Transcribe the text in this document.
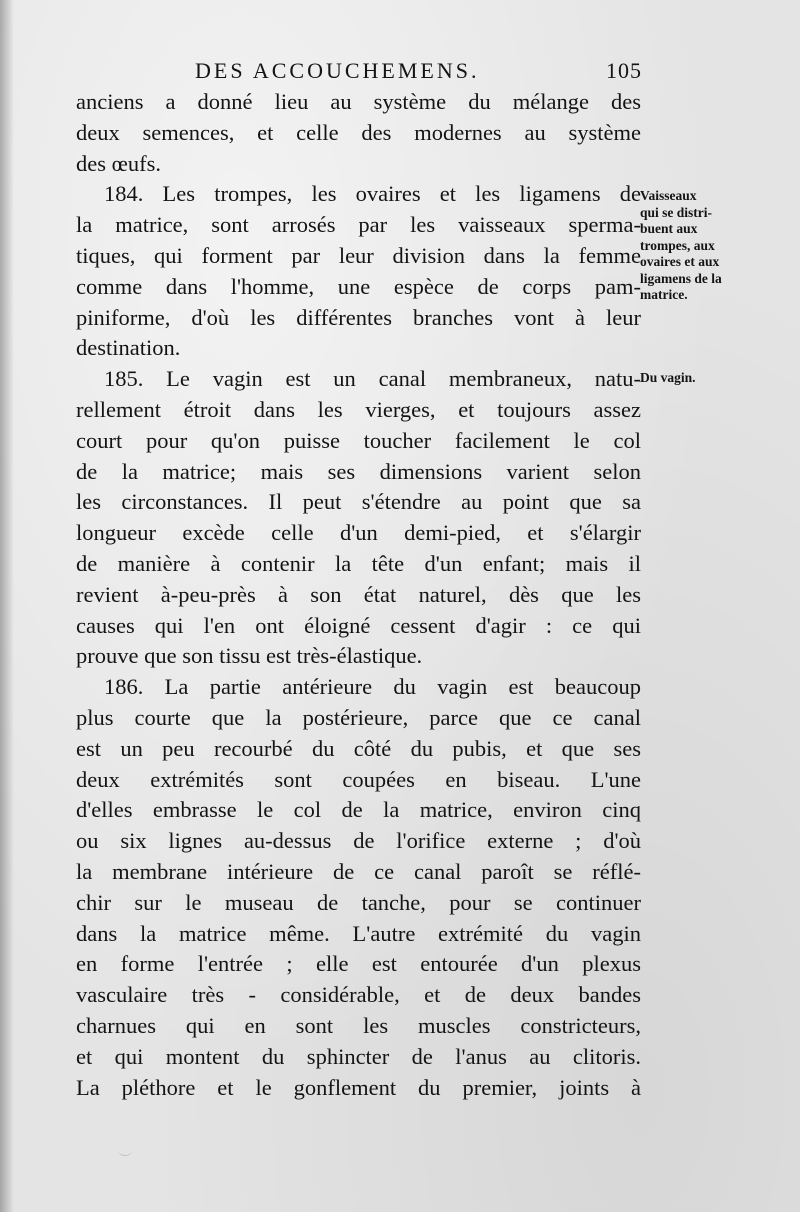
DES ACCOUCHEMENS.	105
anciens a donné lieu au système du mélange des
deux semences, et celle des modernes au système
des œufs.
184. Les trompes, les ovaires et les ligamens de
la matrice, sont arrosés par les vaisseaux sperma-
tiques, qui forment par leur division dans la femme
comme dans l'homme, une espèce de corps pam-
piniforme, d'où les différentes branches vont à leur
destination.
185. Le vagin est un canal membraneux, natu-
rellement étroit dans les vierges, et toujours assez
court pour qu'on puisse toucher facilement le col
de la matrice; mais ses dimensions varient selon
les circonstances. Il peut s'étendre au point que sa
longueur excède celle d'un demi-pied, et s'élargir
de manière à contenir la tête d'un enfant; mais il
revient à-peu-près à son état naturel, dès que les
causes qui l'en ont éloigné cessent d'agir : ce qui
prouve que son tissu est très-élastique.
186. La partie antérieure du vagin est beaucoup
plus courte que la postérieure, parce que ce canal
est un peu recourbé du côté du pubis, et que ses
deux extrémités sont coupées en biseau. L'une
d'elles embrasse le col de la matrice, environ cinq
ou six lignes au-dessus de l'orifice externe ; d'où
la membrane intérieure de ce canal paroît se réflé-
chir sur le museau de tanche, pour se continuer
dans la matrice même. L'autre extrémité du vagin
en forme l'entrée ; elle est entourée d'un plexus
vasculaire très - considérable, et de deux bandes
charnues qui en sont les muscles constricteurs,
et qui montent du sphincter de l'anus au clitoris.
La pléthore et le gonflement du premier, joints à
Vaisseaux
qui se distri-
buent aux
trompes, aux
ovaires et aux
ligamens de la
matrice.
Du vagin.
